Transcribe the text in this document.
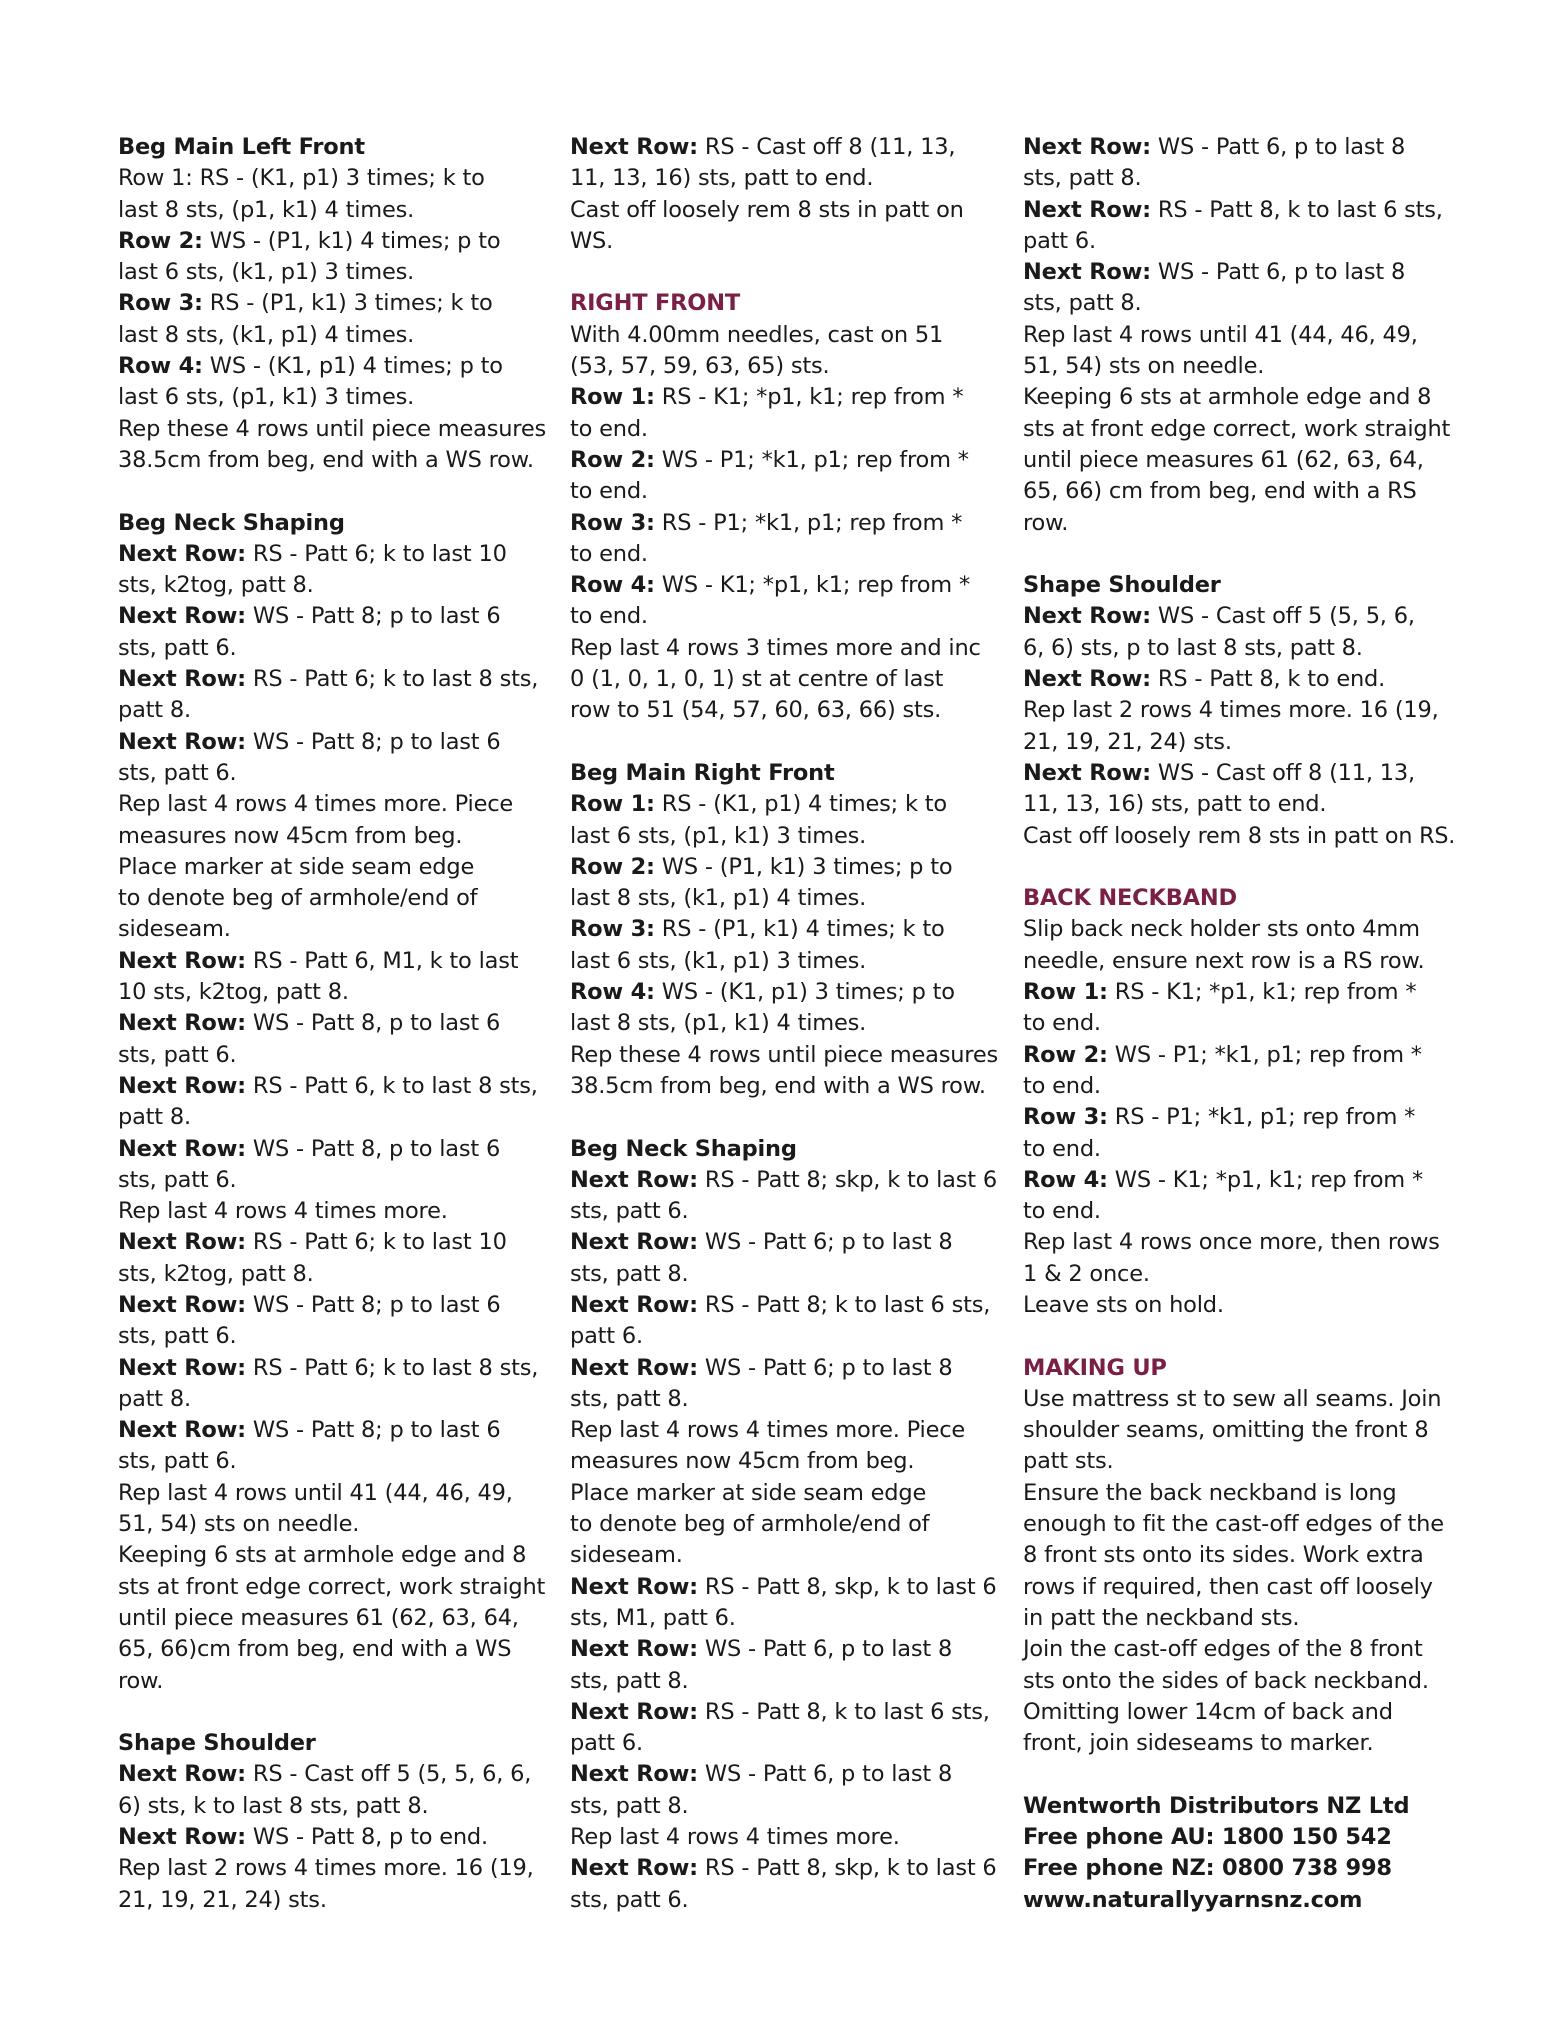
Beg Main Left Front
Row 1: RS - (K1, p1) 3 times; k to
last 8 sts, (p1, k1) 4 times.
Row 2: WS - (P1, k1) 4 times; p to
last 6 sts, (k1, p1) 3 times.
Row 3: RS - (P1, k1) 3 times; k to
last 8 sts, (k1, p1) 4 times.
Row 4: WS - (K1, p1) 4 times; p to
last 6 sts, (p1, k1) 3 times.
Rep these 4 rows until piece measures
38.5cm from beg, end with a WS row.
Beg Neck Shaping
Next Row: RS - Patt 6; k to last 10
sts, k2tog, patt 8.
Next Row: WS - Patt 8; p to last 6
sts, patt 6.
Next Row: RS - Patt 6; k to last 8 sts,
patt 8.
Next Row: WS - Patt 8; p to last 6
sts, patt 6.
Rep last 4 rows 4 times more. Piece
measures now 45cm from beg.
Place marker at side seam edge
to denote beg of armhole/end of
sideseam.
Next Row: RS - Patt 6, M1, k to last
10 sts, k2tog, patt 8.
Next Row: WS - Patt 8, p to last 6
sts, patt 6.
Next Row: RS - Patt 6, k to last 8 sts,
patt 8.
Next Row: WS - Patt 8, p to last 6
sts, patt 6.
Rep last 4 rows 4 times more.
Next Row: RS - Patt 6; k to last 10
sts, k2tog, patt 8.
Next Row: WS - Patt 8; p to last 6
sts, patt 6.
Next Row: RS - Patt 6; k to last 8 sts,
patt 8.
Next Row: WS - Patt 8; p to last 6
sts, patt 6.
Rep last 4 rows until 41 (44, 46, 49,
51, 54) sts on needle.
Keeping 6 sts at armhole edge and 8
sts at front edge correct, work straight
until piece measures 61 (62, 63, 64,
65, 66)cm from beg, end with a WS
row.
Shape Shoulder
Next Row: RS - Cast off 5 (5, 5, 6, 6,
6) sts, k to last 8 sts, patt 8.
Next Row: WS - Patt 8, p to end.
Rep last 2 rows 4 times more. 16 (19,
21, 19, 21, 24) sts.
Next Row: RS - Cast off 8 (11, 13,
11, 13, 16) sts, patt to end.
Cast off loosely rem 8 sts in patt on
WS.
RIGHT FRONT
With 4.00mm needles, cast on 51
(53, 57, 59, 63, 65) sts.
Row 1: RS - K1; *p1, k1; rep from *
to end.
Row 2: WS - P1; *k1, p1; rep from *
to end.
Row 3: RS - P1; *k1, p1; rep from *
to end.
Row 4: WS - K1; *p1, k1; rep from *
to end.
Rep last 4 rows 3 times more and inc
0 (1, 0, 1, 0, 1) st at centre of last
row to 51 (54, 57, 60, 63, 66) sts.
Beg Main Right Front
Row 1: RS - (K1, p1) 4 times; k to
last 6 sts, (p1, k1) 3 times.
Row 2: WS - (P1, k1) 3 times; p to
last 8 sts, (k1, p1) 4 times.
Row 3: RS - (P1, k1) 4 times; k to
last 6 sts, (k1, p1) 3 times.
Row 4: WS - (K1, p1) 3 times; p to
last 8 sts, (p1, k1) 4 times.
Rep these 4 rows until piece measures
38.5cm from beg, end with a WS row.
Beg Neck Shaping
Next Row: RS - Patt 8; skp, k to last 6
sts, patt 6.
Next Row: WS - Patt 6; p to last 8
sts, patt 8.
Next Row: RS - Patt 8; k to last 6 sts,
patt 6.
Next Row: WS - Patt 6; p to last 8
sts, patt 8.
Rep last 4 rows 4 times more. Piece
measures now 45cm from beg.
Place marker at side seam edge
to denote beg of armhole/end of
sideseam.
Next Row: RS - Patt 8, skp, k to last 6
sts, M1, patt 6.
Next Row: WS - Patt 6, p to last 8
sts, patt 8.
Next Row: RS - Patt 8, k to last 6 sts,
patt 6.
Next Row: WS - Patt 6, p to last 8
sts, patt 8.
Rep last 4 rows 4 times more.
Next Row: RS - Patt 8, skp, k to last 6
sts, patt 6.
Next Row: WS - Patt 6, p to last 8
sts, patt 8.
Next Row: RS - Patt 8, k to last 6 sts,
patt 6.
Next Row: WS - Patt 6, p to last 8
sts, patt 8.
Rep last 4 rows until 41 (44, 46, 49,
51, 54) sts on needle.
Keeping 6 sts at armhole edge and 8
sts at front edge correct, work straight
until piece measures 61 (62, 63, 64,
65, 66) cm from beg, end with a RS
row.
Shape Shoulder
Next Row: WS - Cast off 5 (5, 5, 6,
6, 6) sts, p to last 8 sts, patt 8.
Next Row: RS - Patt 8, k to end.
Rep last 2 rows 4 times more. 16 (19,
21, 19, 21, 24) sts.
Next Row: WS - Cast off 8 (11, 13,
11, 13, 16) sts, patt to end.
Cast off loosely rem 8 sts in patt on RS.
BACK NECKBAND
Slip back neck holder sts onto 4mm
needle, ensure next row is a RS row.
Row 1: RS - K1; *p1, k1; rep from *
to end.
Row 2: WS - P1; *k1, p1; rep from *
to end.
Row 3: RS - P1; *k1, p1; rep from *
to end.
Row 4: WS - K1; *p1, k1; rep from *
to end.
Rep last 4 rows once more, then rows
1 & 2 once.
Leave sts on hold.
MAKING UP
Use mattress st to sew all seams. Join
shoulder seams, omitting the front 8
patt sts.
Ensure the back neckband is long
enough to fit the cast-off edges of the
8 front sts onto its sides. Work extra
rows if required, then cast off loosely
in patt the neckband sts.
Join the cast-off edges of the 8 front
sts onto the sides of back neckband.
Omitting lower 14cm of back and
front, join sideseams to marker.
Wentworth Distributors NZ Ltd
Free phone AU: 1800 150 542
Free phone NZ: 0800 738 998
www.naturallyyarnsnz.com
